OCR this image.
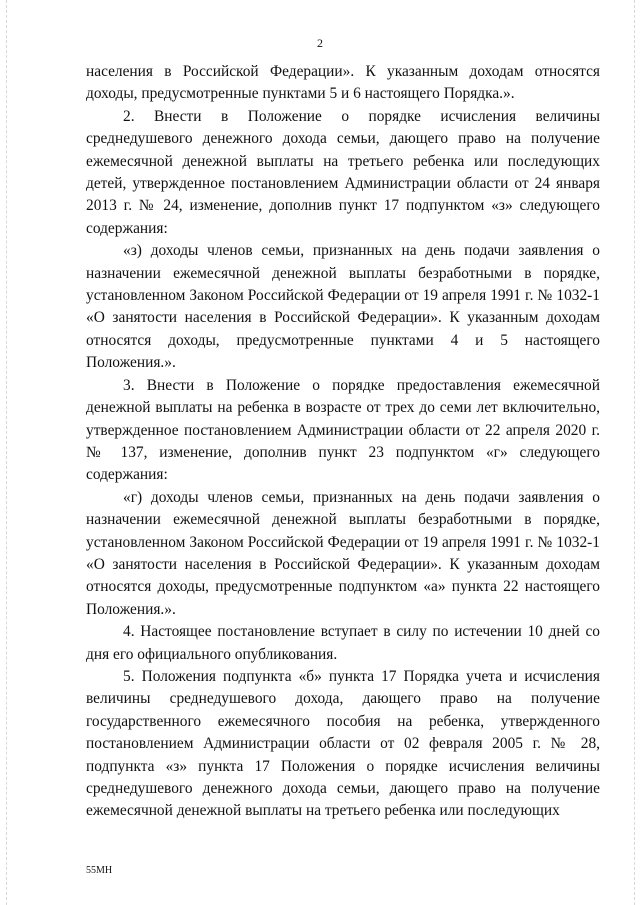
2

населения в Российской Федерации». К указанным доходам относятся доходы, предусмотренные пунктами 5 и 6 настоящего Порядка.».

2. Внести в Положение о порядке исчисления величины среднедушевого денежного дохода семьи, дающего право на получение ежемесячной денежной выплаты на третьего ребенка или последующих детей, утвержденное постановлением Администрации области от 24 января 2013 г. № 24, изменение, дополнив пункт 17 подпунктом «з» следующего содержания:

«з) доходы членов семьи, признанных на день подачи заявления о назначении ежемесячной денежной выплаты безработными в порядке, установленном Законом Российской Федерации от 19 апреля 1991 г. № 1032-1 «О занятости населения в Российской Федерации». К указанным доходам относятся доходы, предусмотренные пунктами 4 и 5 настоящего Положения.».

3. Внести в Положение о порядке предоставления ежемесячной денежной выплаты на ребенка в возрасте от трех до семи лет включительно, утвержденное постановлением Администрации области от 22 апреля 2020 г. № 137, изменение, дополнив пункт 23 подпунктом «г» следующего содержания:

«г) доходы членов семьи, признанных на день подачи заявления о назначении ежемесячной денежной выплаты безработными в порядке, установленном Законом Российской Федерации от 19 апреля 1991 г. № 1032-1 «О занятости населения в Российской Федерации». К указанным доходам относятся доходы, предусмотренные подпунктом «а» пункта 22 настоящего Положения.».

4. Настоящее постановление вступает в силу по истечении 10 дней со дня его официального опубликования.

5. Положения подпункта «б» пункта 17 Порядка учета и исчисления величины среднедушевого дохода, дающего право на получение государственного ежемесячного пособия на ребенка, утвержденного постановлением Администрации области от 02 февраля 2005 г. № 28, подпункта «з» пункта 17 Положения о порядке исчисления величины среднедушевого денежного дохода семьи, дающего право на получение ежемесячной денежной выплаты на третьего ребенка или последующих

55МН
